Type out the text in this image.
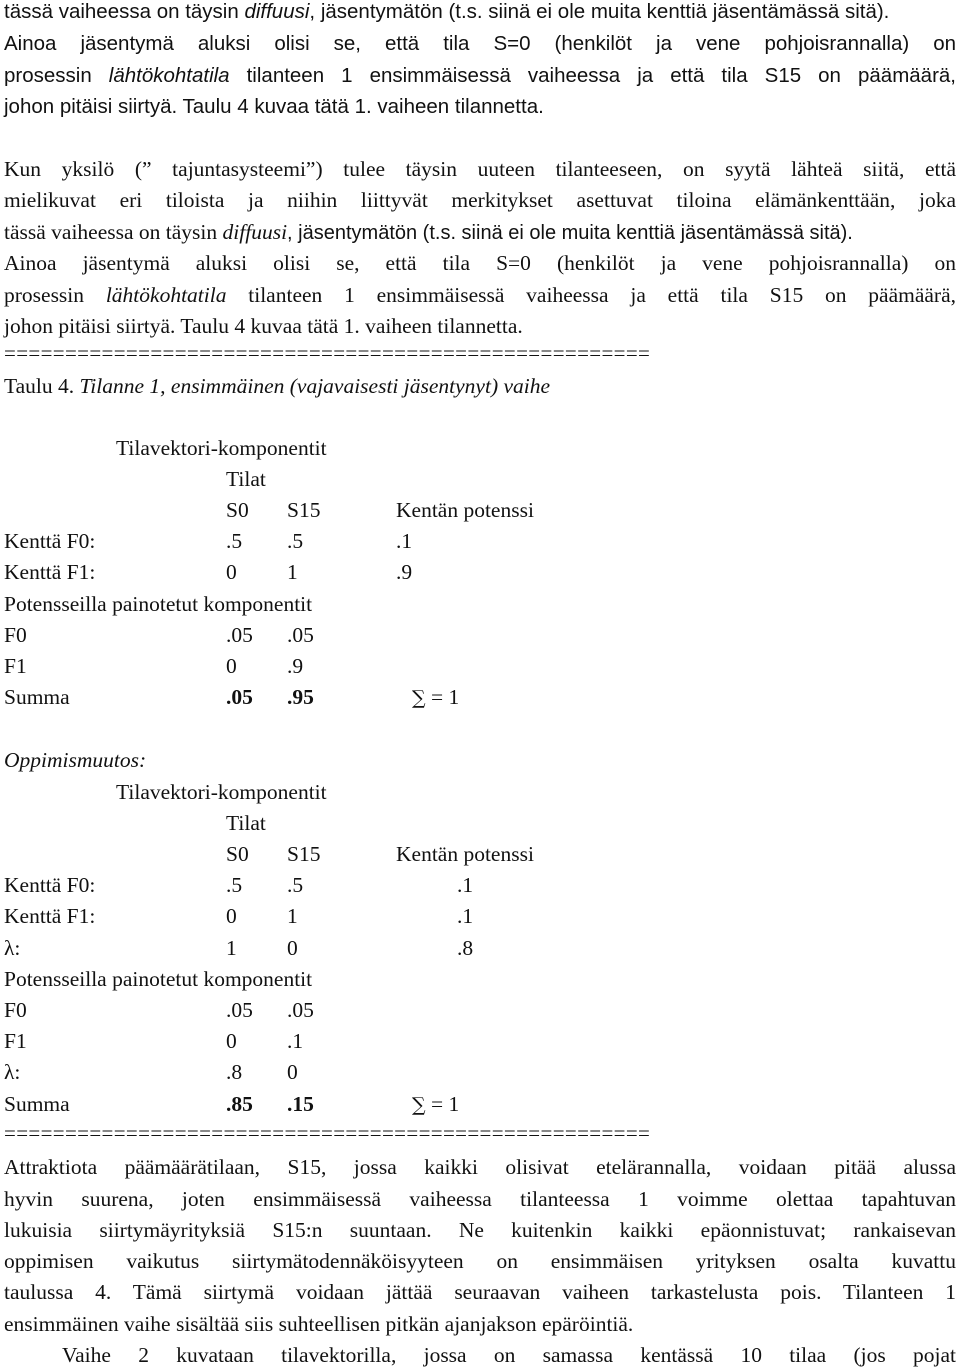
tässä vaiheessa on täysin diffuusi, jäsentymätön (t.s. siinä ei ole muita kenttiä jäsentämässä sitä).
Ainoa jäsentymä aluksi olisi se, että tila S=0 (henkilöt ja vene pohjoisrannalla) on
prosessin lähtökohtatila tilanteen 1 ensimmäisessä vaiheessa ja että tila S15 on päämäärä,
johon pitäisi siirtyä. Taulu 4 kuvaa tätä 1. vaiheen tilannetta.
Kun yksilö (” tajuntasysteemi”) tulee täysin uuteen tilanteeseen, on syytä lähteä siitä, että
mielikuvat eri tiloista ja niihin liittyvät merkitykset asettuvat tiloina elämänkenttään, joka
tässä vaiheessa on täysin diffuusi, jäsentymätön (t.s. siinä ei ole muita kenttiä jäsentämässä sitä).
Ainoa jäsentymä aluksi olisi se, että tila S=0 (henkilöt ja vene pohjoisrannalla) on
prosessin lähtökohtatila tilanteen 1 ensimmäisessä vaiheessa ja että tila S15 on päämäärä,
johon pitäisi siirtyä. Taulu 4 kuvaa tätä 1. vaiheen tilannetta.
=====================================================
Taulu 4. Tilanne 1, ensimmäinen (vajavaisesti jäsentynyt) vaihe
Tilavektori-komponentit
Tilat
S0 S15	Kentän potenssi
Kenttä F0:	.5 .5	.1
Kenttä F1:	0 1	.9
Potensseilla painotetut komponentit
F0	.05 .05
F1	0 .9
Summa	.05 .95	∑ = 1
Oppimismuutos:
Tilavektori-komponentit
Tilat
S0 S15	Kentän potenssi
Kenttä F0:	.5 .5	.1
Kenttä F1:	0 1	.1
λ:	1 0	.8
Potensseilla painotetut komponentit
F0	.05 .05
F1	0 .1
λ:	.8 0
Summa	.85 .15	∑ = 1
=====================================================
Attraktiota päämäärätilaan, S15, jossa kaikki olisivat etelärannalla, voidaan pitää alussa
hyvin suurena, joten ensimmäisessä vaiheessa tilanteessa 1 voimme olettaa tapahtuvan
lukuisia siirtymäyrityksiä S15:n suuntaan. Ne kuitenkin kaikki epäonnistuvat; rankaisevan
oppimisen vaikutus siirtymätodennäköisyyteen on ensimmäisen yrityksen osalta kuvattu
taulussa 4. Tämä siirtymä voidaan jättää seuraavan vaiheen tarkastelusta pois. Tilanteen 1
ensimmäinen vaihe sisältää siis suhteellisen pitkän ajanjakson epäröintiä.
Vaihe 2 kuvataan tilavektorilla, jossa on samassa kentässä 10 tilaa (jos pojat
